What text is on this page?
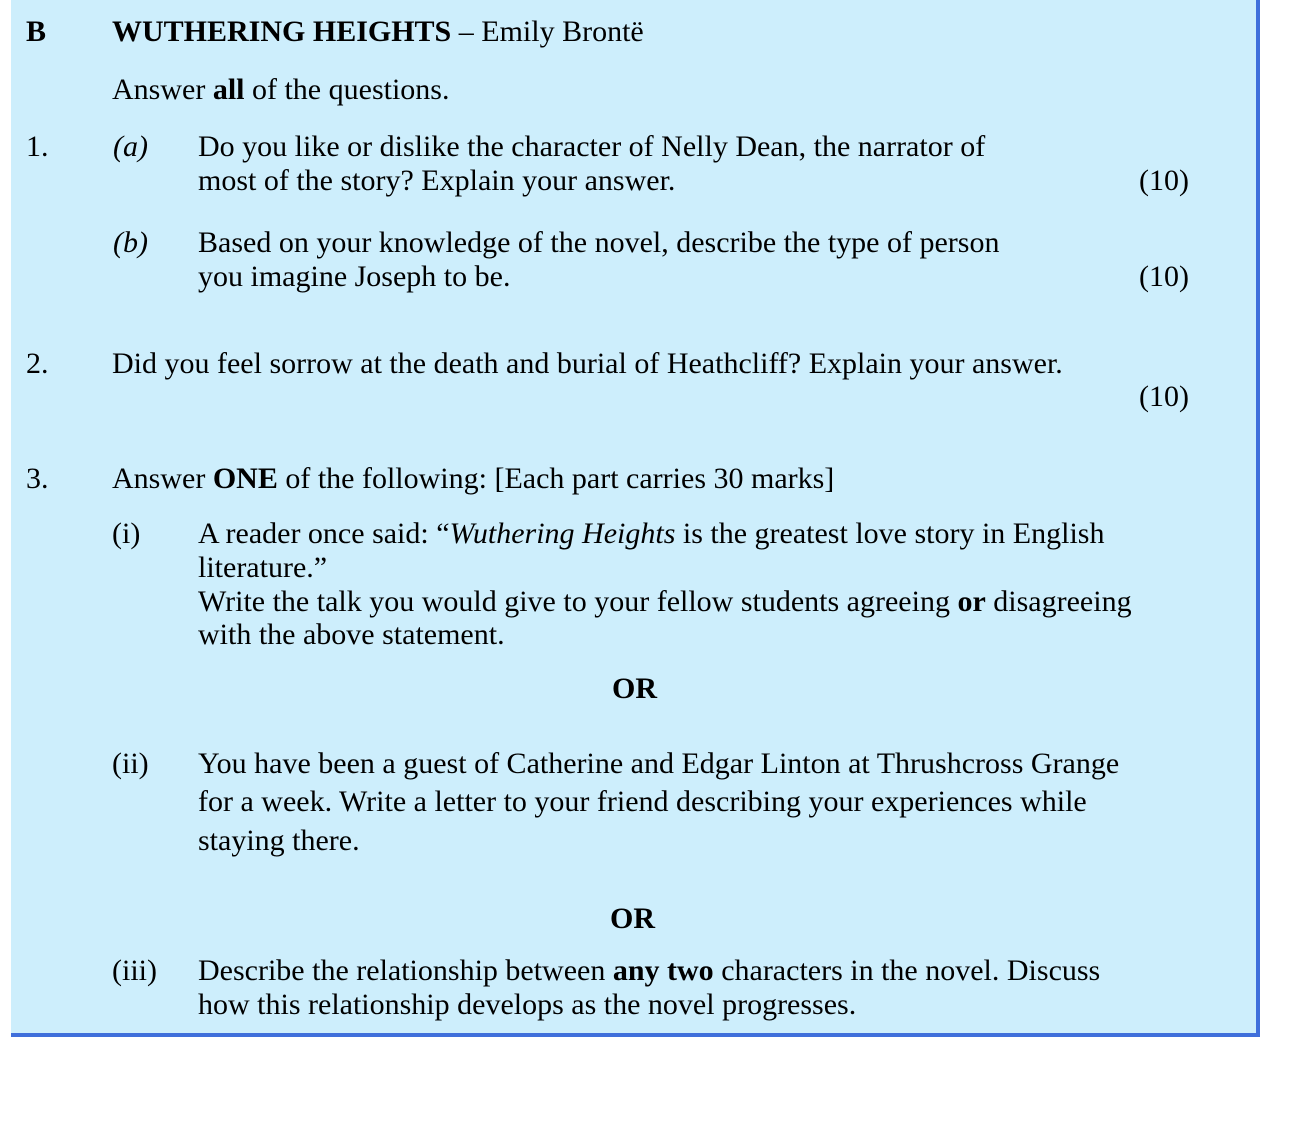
B WUTHERING HEIGHTS – Emily Brontë
Answer all of the questions.
1. (a) Do you like or dislike the character of Nelly Dean, the narrator of
most of the story? Explain your answer.	(10)
(b) Based on your knowledge of the novel, describe the type of person
you imagine Joseph to be.	(10)
2. Did you feel sorrow at the death and burial of Heathcliff? Explain your answer.
(10)
3. Answer ONE of the following: [Each part carries 30 marks]
(i) A reader once said: “Wuthering Heights is the greatest love story in English
literature.”
Write the talk you would give to your fellow students agreeing or disagreeing
with the above statement.
OR
(ii) You have been a guest of Catherine and Edgar Linton at Thrushcross Grange
for a week. Write a letter to your friend describing your experiences while
staying there.
OR
(iii) Describe the relationship between any two characters in the novel. Discuss
how this relationship develops as the novel progresses.
